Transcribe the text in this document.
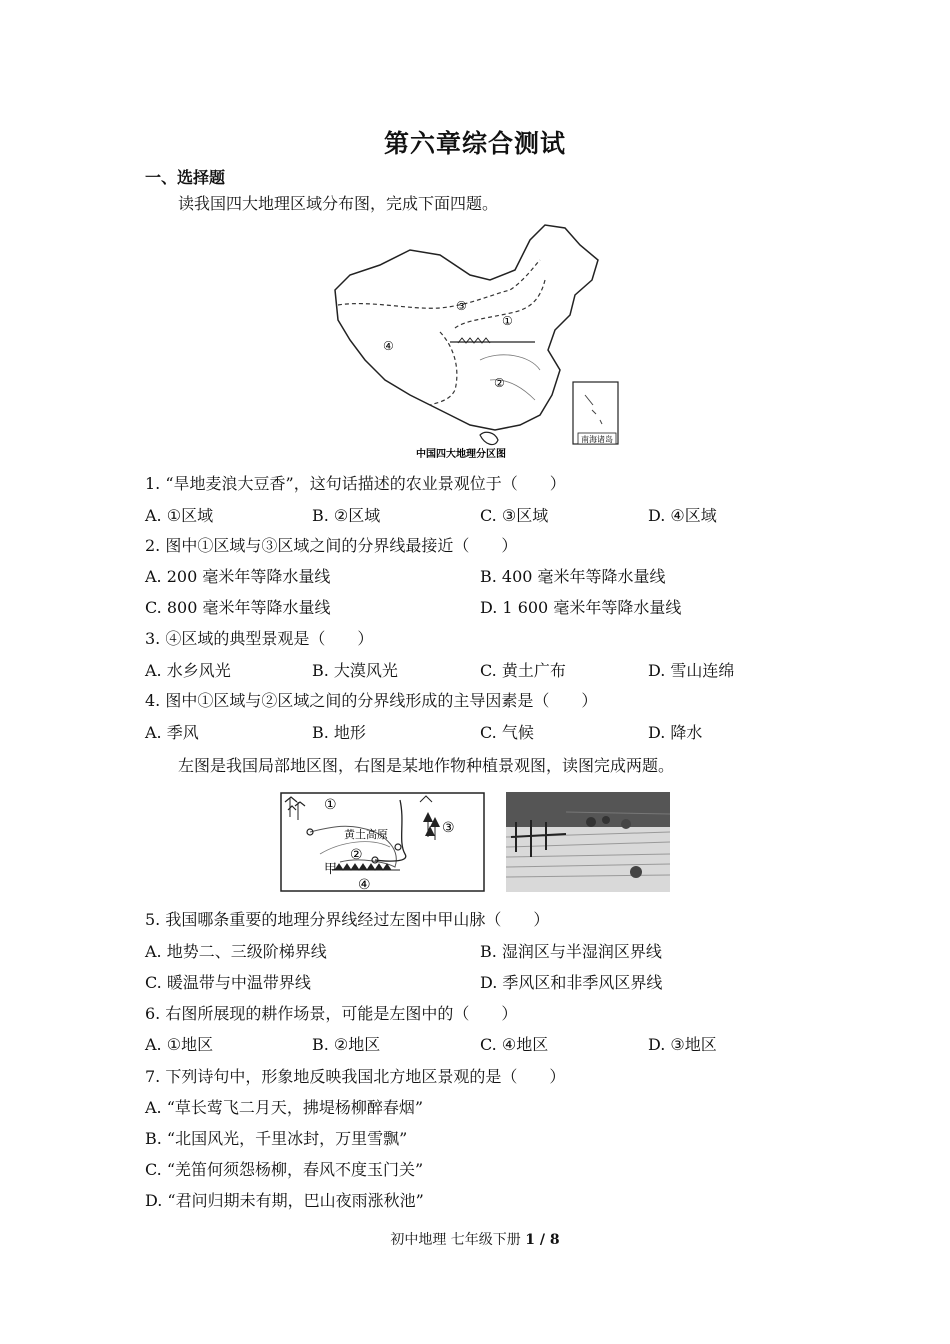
第六章综合测试
一、选择题
读我国四大地理区域分布图，完成下面四题。
③
①
④
②
南海诸岛
中国四大地理分区图
1. “旱地麦浪大豆香”，这句话描述的农业景观位于（　　）
A. ①区域	B. ②区域	C. ③区域	D. ④区域
2. 图中①区域与③区域之间的分界线最接近（　　）
A. 200 毫米年等降水量线	B. 400 毫米年等降水量线
C. 800 毫米年等降水量线	D. 1 600 毫米年等降水量线
3. ④区域的典型景观是（　　）
A. 水乡风光	B. 大漠风光	C. 黄土广布	D. 雪山连绵
4. 图中①区域与②区域之间的分界线形成的主导因素是（　　）
A. 季风	B. 地形	C. 气候	D. 降水
左图是我国局部地区图，右图是某地作物种植景观图，读图完成两题。
①
黄土高原
②
③
④
甲
5. 我国哪条重要的地理分界线经过左图中甲山脉（　　）
A. 地势二、三级阶梯界线	B. 湿润区与半湿润区界线
C. 暖温带与中温带界线	D. 季风区和非季风区界线
6. 右图所展现的耕作场景，可能是左图中的（　　）
A. ①地区	B. ②地区	C. ④地区	D. ③地区
7. 下列诗句中，形象地反映我国北方地区景观的是（　　）
A. “草长莺飞二月天，拂堤杨柳醉春烟”
B. “北国风光，千里冰封，万里雪飘”
C. “羌笛何须怨杨柳，春风不度玉门关”
D. “君问归期未有期，巴山夜雨涨秋池”
初中地理 七年级下册 1 / 8
